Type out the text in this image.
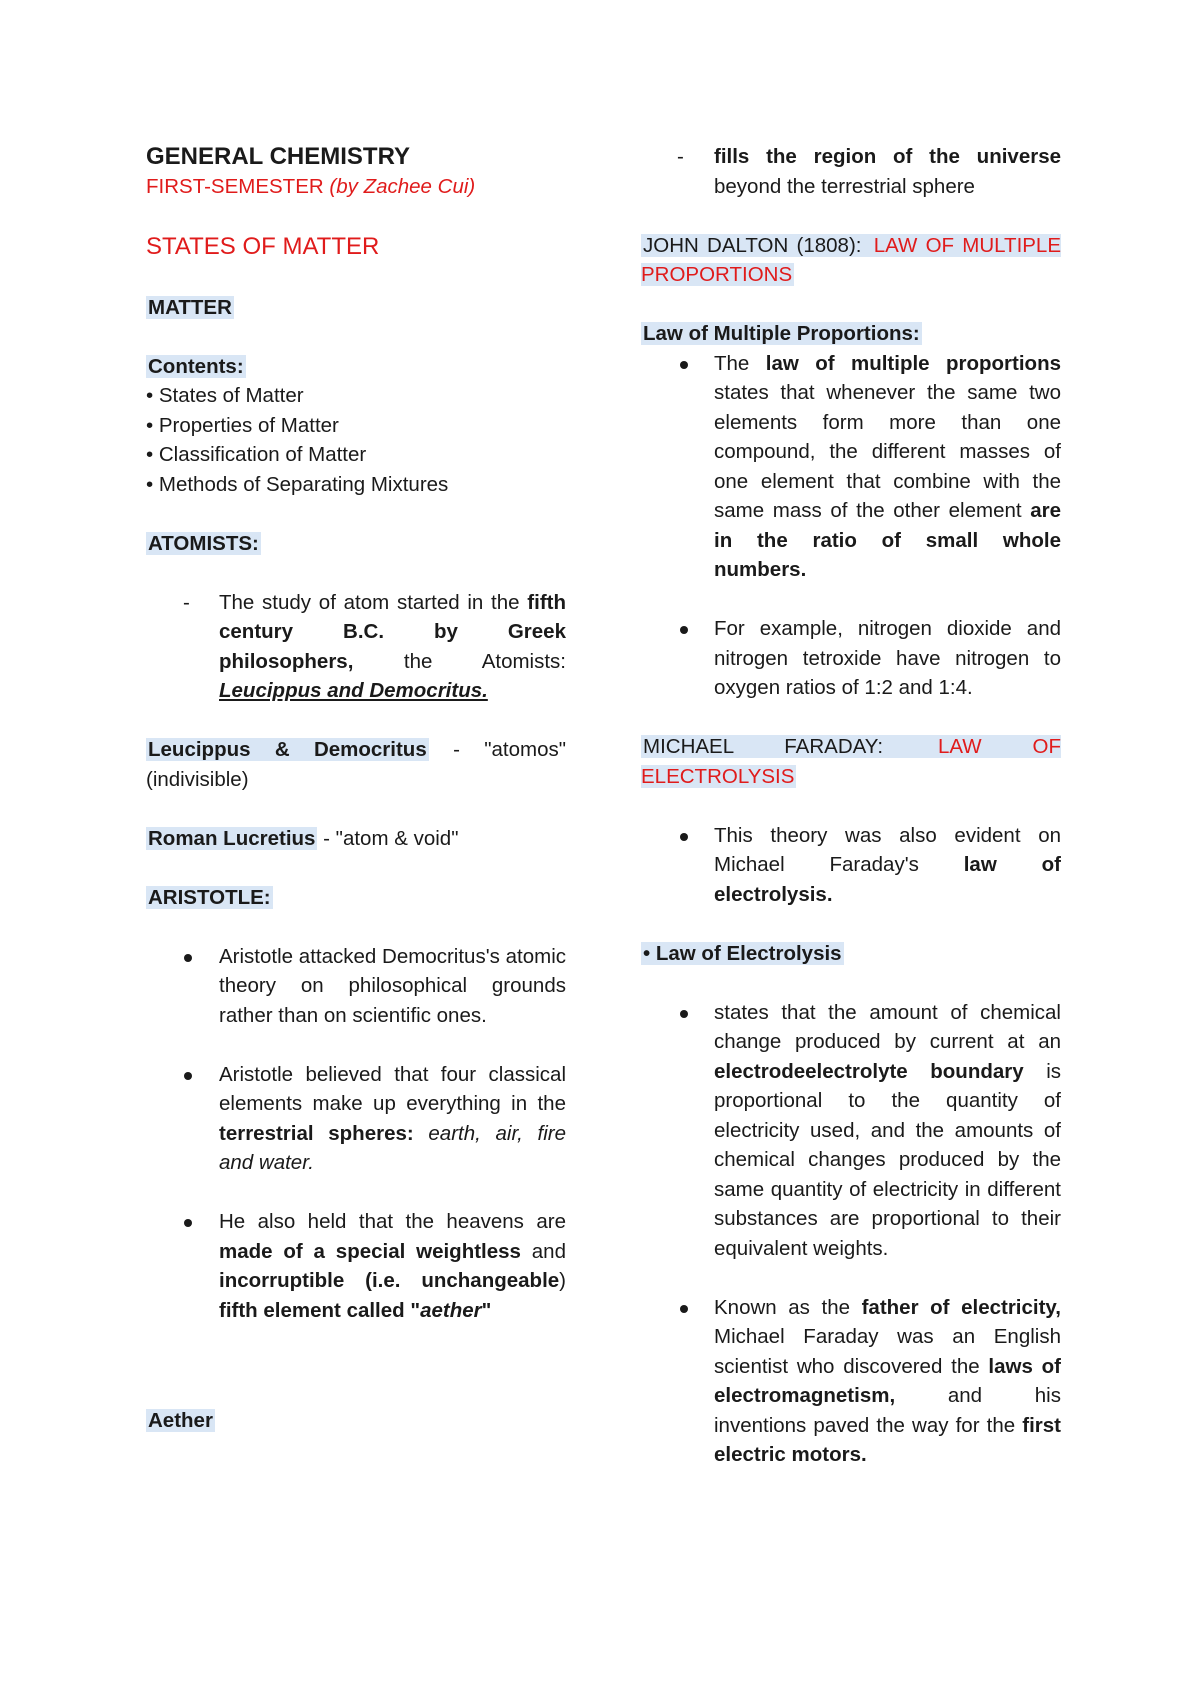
GENERAL CHEMISTRY

FIRST-SEMESTER (by Zachee Cui)

STATES OF MATTER

MATTER

Contents:

• States of Matter

• Properties of Matter

• Classification of Matter

• Methods of Separating Mixtures

ATOMISTS:

- The study of atom started in the fifth century B.C. by Greek philosophers, the Atomists: Leucippus and Democritus.

Leucippus & Democritus - "atomos" (indivisible)

Roman Lucretius - "atom & void"

ARISTOTLE:

Aristotle attacked Democritus's atomic theory on philosophical grounds rather than on scientific ones.

Aristotle believed that four classical elements make up everything in the terrestrial spheres: earth, air, fire and water.

He also held that the heavens are made of a special weightless and incorruptible (i.e. unchangeable) fifth element called "aether"

Aether

- fills the region of the universe beyond the terrestrial sphere

JOHN DALTON (1808): LAW OF MULTIPLE PROPORTIONS

Law of Multiple Proportions:

The law of multiple proportions states that whenever the same two elements form more than one compound, the different masses of one element that combine with the same mass of the other element are in the ratio of small whole numbers.

For example, nitrogen dioxide and nitrogen tetroxide have nitrogen to oxygen ratios of 1:2 and 1:4.

MICHAEL FARADAY: LAW OF ELECTROLYSIS

This theory was also evident on Michael Faraday's law of electrolysis.

• Law of Electrolysis

states that the amount of chemical change produced by current at an electrodeelectrolyte boundary is proportional to the quantity of electricity used, and the amounts of chemical changes produced by the same quantity of electricity in different substances are proportional to their equivalent weights.

Known as the father of electricity, Michael Faraday was an English scientist who discovered the laws of electromagnetism, and his inventions paved the way for the first electric motors.
